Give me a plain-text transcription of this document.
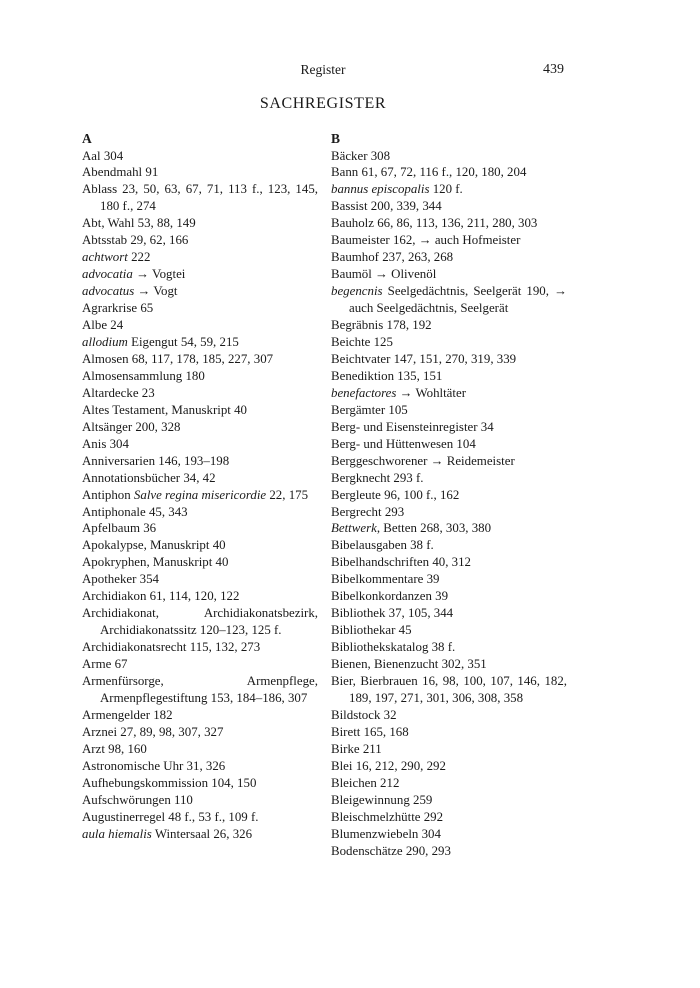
Register	439
SACHREGISTER
A
Aal 304
Abendmahl 91
Ablass 23, 50, 63, 67, 71, 113 f., 123, 145, 180 f., 274
Abt, Wahl 53, 88, 149
Abtsstab 29, 62, 166
achtwort 222
advocatia → Vogtei
advocatus → Vogt
Agrarkrise 65
Albe 24
allodium Eigengut 54, 59, 215
Almosen 68, 117, 178, 185, 227, 307
Almosensammlung 180
Altardecke 23
Altes Testament, Manuskript 40
Altsänger 200, 328
Anis 304
Anniversarien 146, 193–198
Annotationsbücher 34, 42
Antiphon Salve regina misericordie 22, 175
Antiphonale 45, 343
Apfelbaum 36
Apokalypse, Manuskript 40
Apokryphen, Manuskript 40
Apotheker 354
Archidiakon 61, 114, 120, 122
Archidiakonat, Archidiakonatsbezirk, Archidiakonatssitz 120–123, 125 f.
Archidiakonatsrecht 115, 132, 273
Arme 67
Armenfürsorge, Armenpflege, Armenpflegestiftung 153, 184–186, 307
Armengelder 182
Arznei 27, 89, 98, 307, 327
Arzt 98, 160
Astronomische Uhr 31, 326
Aufhebungskommission 104, 150
Aufschwörungen 110
Augustinerregel 48 f., 53 f., 109 f.
aula hiemalis Wintersaal 26, 326
B
Bäcker 308
Bann 61, 67, 72, 116 f., 120, 180, 204
bannus episcopalis 120 f.
Bassist 200, 339, 344
Bauholz 66, 86, 113, 136, 211, 280, 303
Baumeister 162, → auch Hofmeister
Baumhof 237, 263, 268
Baumöl → Olivenöl
begencnis Seelgedächtnis, Seelgerät 190, → auch Seelgedächtnis, Seelgerät
Begräbnis 178, 192
Beichte 125
Beichtvater 147, 151, 270, 319, 339
Benediktion 135, 151
benefactores → Wohltäter
Bergämter 105
Berg- und Eisensteinregister 34
Berg- und Hüttenwesen 104
Berggeschworener → Reidemeister
Bergknecht 293 f.
Bergleute 96, 100 f., 162
Bergrecht 293
Bettwerk, Betten 268, 303, 380
Bibelausgaben 38 f.
Bibelhandschriften 40, 312
Bibelkommentare 39
Bibelkonkordanzen 39
Bibliothek 37, 105, 344
Bibliothekar 45
Bibliothekskatalog 38 f.
Bienen, Bienenzucht 302, 351
Bier, Bierbrauen 16, 98, 100, 107, 146, 182, 189, 197, 271, 301, 306, 308, 358
Bildstock 32
Birett 165, 168
Birke 211
Blei 16, 212, 290, 292
Bleichen 212
Bleigewinnung 259
Bleischmelzhütte 292
Blumenzwiebeln 304
Bodenschätze 290, 293
